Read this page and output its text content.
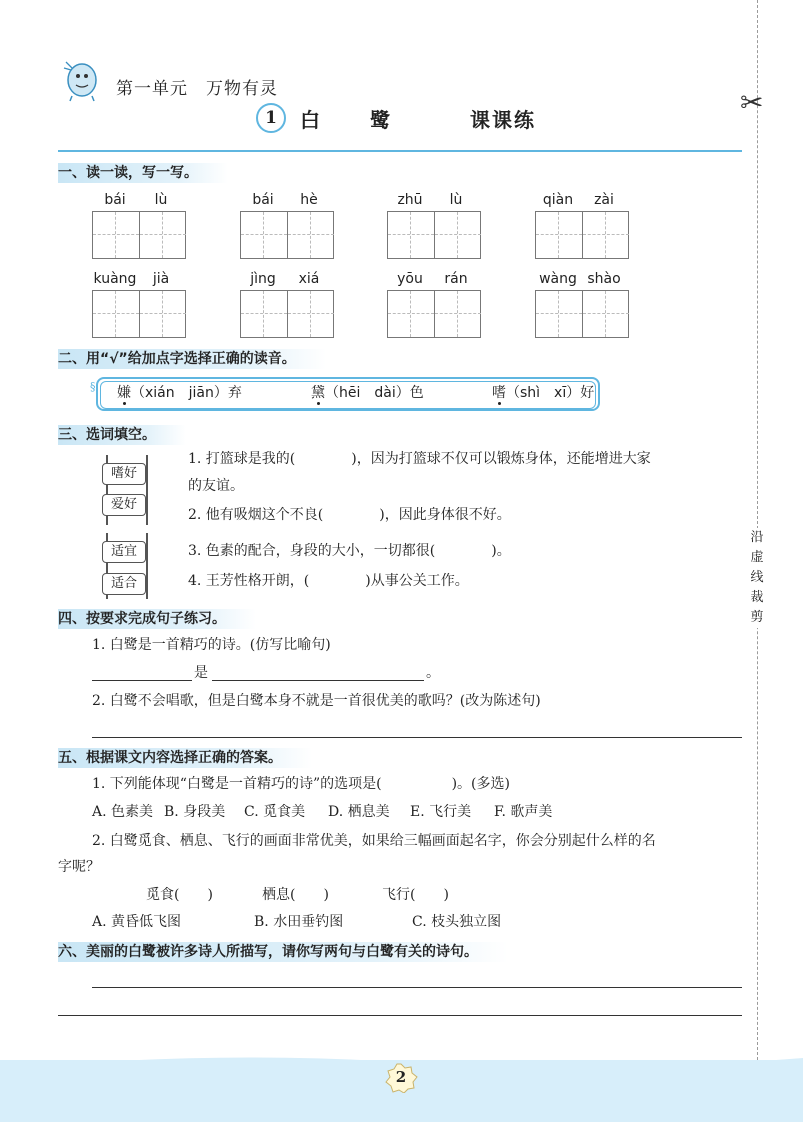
沿
虚
线
裁
剪
✂
第一单元　万物有灵
1	白鹭 课课练
一、读一读，写一写。
bái	lù	bái	hè	zhū	lù	qiàn	zài
kuàng	jià	jìng	xiá	yōu	rán	wàng shào
二、用“√”给加点字选择正确的读音。
§ 嫌（xián　jiān）弃	黛（hēi　dài）色	嗜（shì　xī）好
三、选词填空。
嗜好
爱好
适宜
适合
1. 打篮球是我的(　　　　)，因为打篮球不仅可以锻炼身体，还能增进大家
的友谊。
2. 他有吸烟这个不良(　　　　)，因此身体很不好。
3. 色素的配合，身段的大小，一切都很(　　　　)。
4. 王芳性格开朗，(　　　　)从事公关工作。
四、按要求完成句子练习。
1. 白鹭是一首精巧的诗。(仿写比喻句)
是	。
2. 白鹭不会唱歌，但是白鹭本身不就是一首很优美的歌吗？(改为陈述句)
五、根据课文内容选择正确的答案。
1. 下列能体现“白鹭是一首精巧的诗”的选项是(　　　　　)。(多选)
A. 色素美 B. 身段美 C. 觅食美 D. 栖息美 E. 飞行美 F. 歌声美
2. 白鹭觅食、栖息、飞行的画面非常优美，如果给三幅画面起名字，你会分别起什么样的名
字呢？
觅食(　　)	栖息(　　)	飞行(　　)
A. 黄昏低飞图	B. 水田垂钓图	C. 枝头独立图
六、美丽的白鹭被许多诗人所描写，请你写两句与白鹭有关的诗句。
2
